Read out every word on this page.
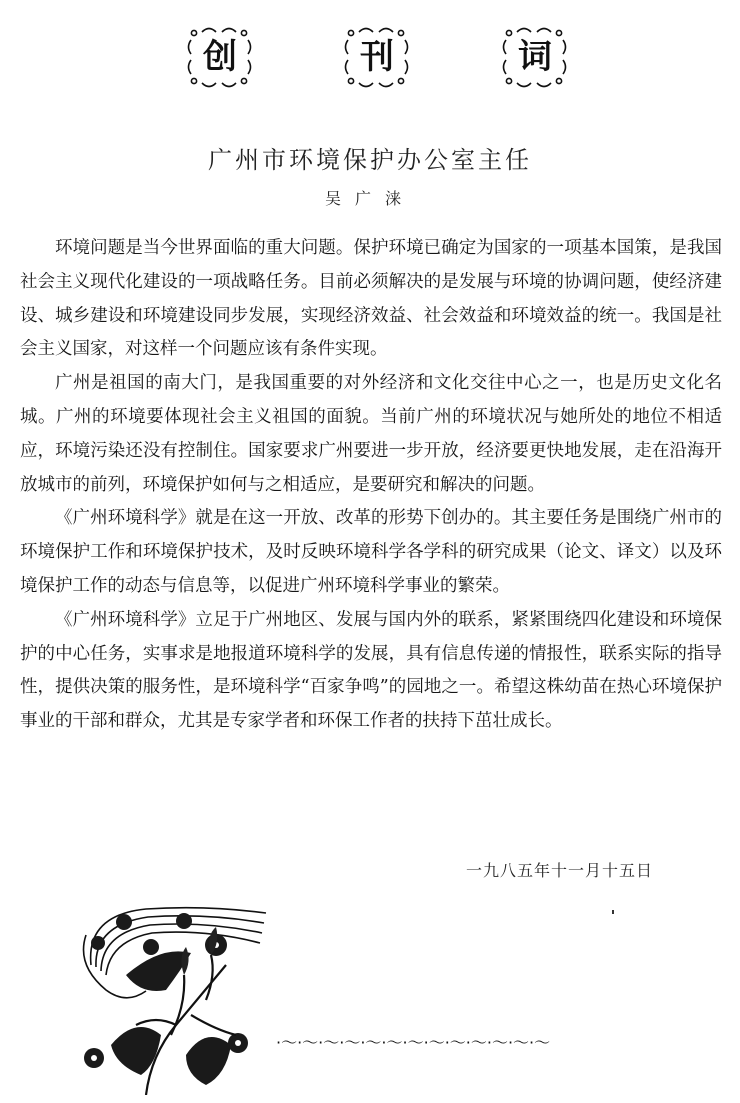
创	刊	词
广州市环境保护办公室主任
吴广涞

环境问题是当今世界面临的重大问题。保护环境已确定为国家的一项基本国策，是我国社会主义现代化建设的一项战略任务。目前必须解决的是发展与环境的协调问题，使经济建设、城乡建设和环境建设同步发展，实现经济效益、社会效益和环境效益的统一。我国是社会主义国家，对这样一个问题应该有条件实现。

广州是祖国的南大门，是我国重要的对外经济和文化交往中心之一，也是历史文化名城。广州的环境要体现社会主义祖国的面貌。当前广州的环境状况与她所处的地位不相适应，环境污染还没有控制住。国家要求广州要进一步开放，经济要更快地发展，走在沿海开放城市的前列，环境保护如何与之相适应，是要研究和解决的问题。

《广州环境科学》就是在这一开放、改革的形势下创办的。其主要任务是围绕广州市的环境保护工作和环境保护技术，及时反映环境科学各学科的研究成果（论文、译文）以及环境保护工作的动态与信息等，以促进广州环境科学事业的繁荣。

《广州环境科学》立足于广州地区、发展与国内外的联系，紧紧围绕四化建设和环境保护的中心任务，实事求是地报道环境科学的发展，具有信息传递的情报性，联系实际的指导性，提供决策的服务性，是环境科学“百家争鸣”的园地之一。希望这株幼苗在热心环境保护事业的干部和群众，尤其是专家学者和环保工作者的扶持下茁壮成长。

一九八五年十一月十五日
·～·～·～·～·～·～·～·～·～·～·～·～·～
